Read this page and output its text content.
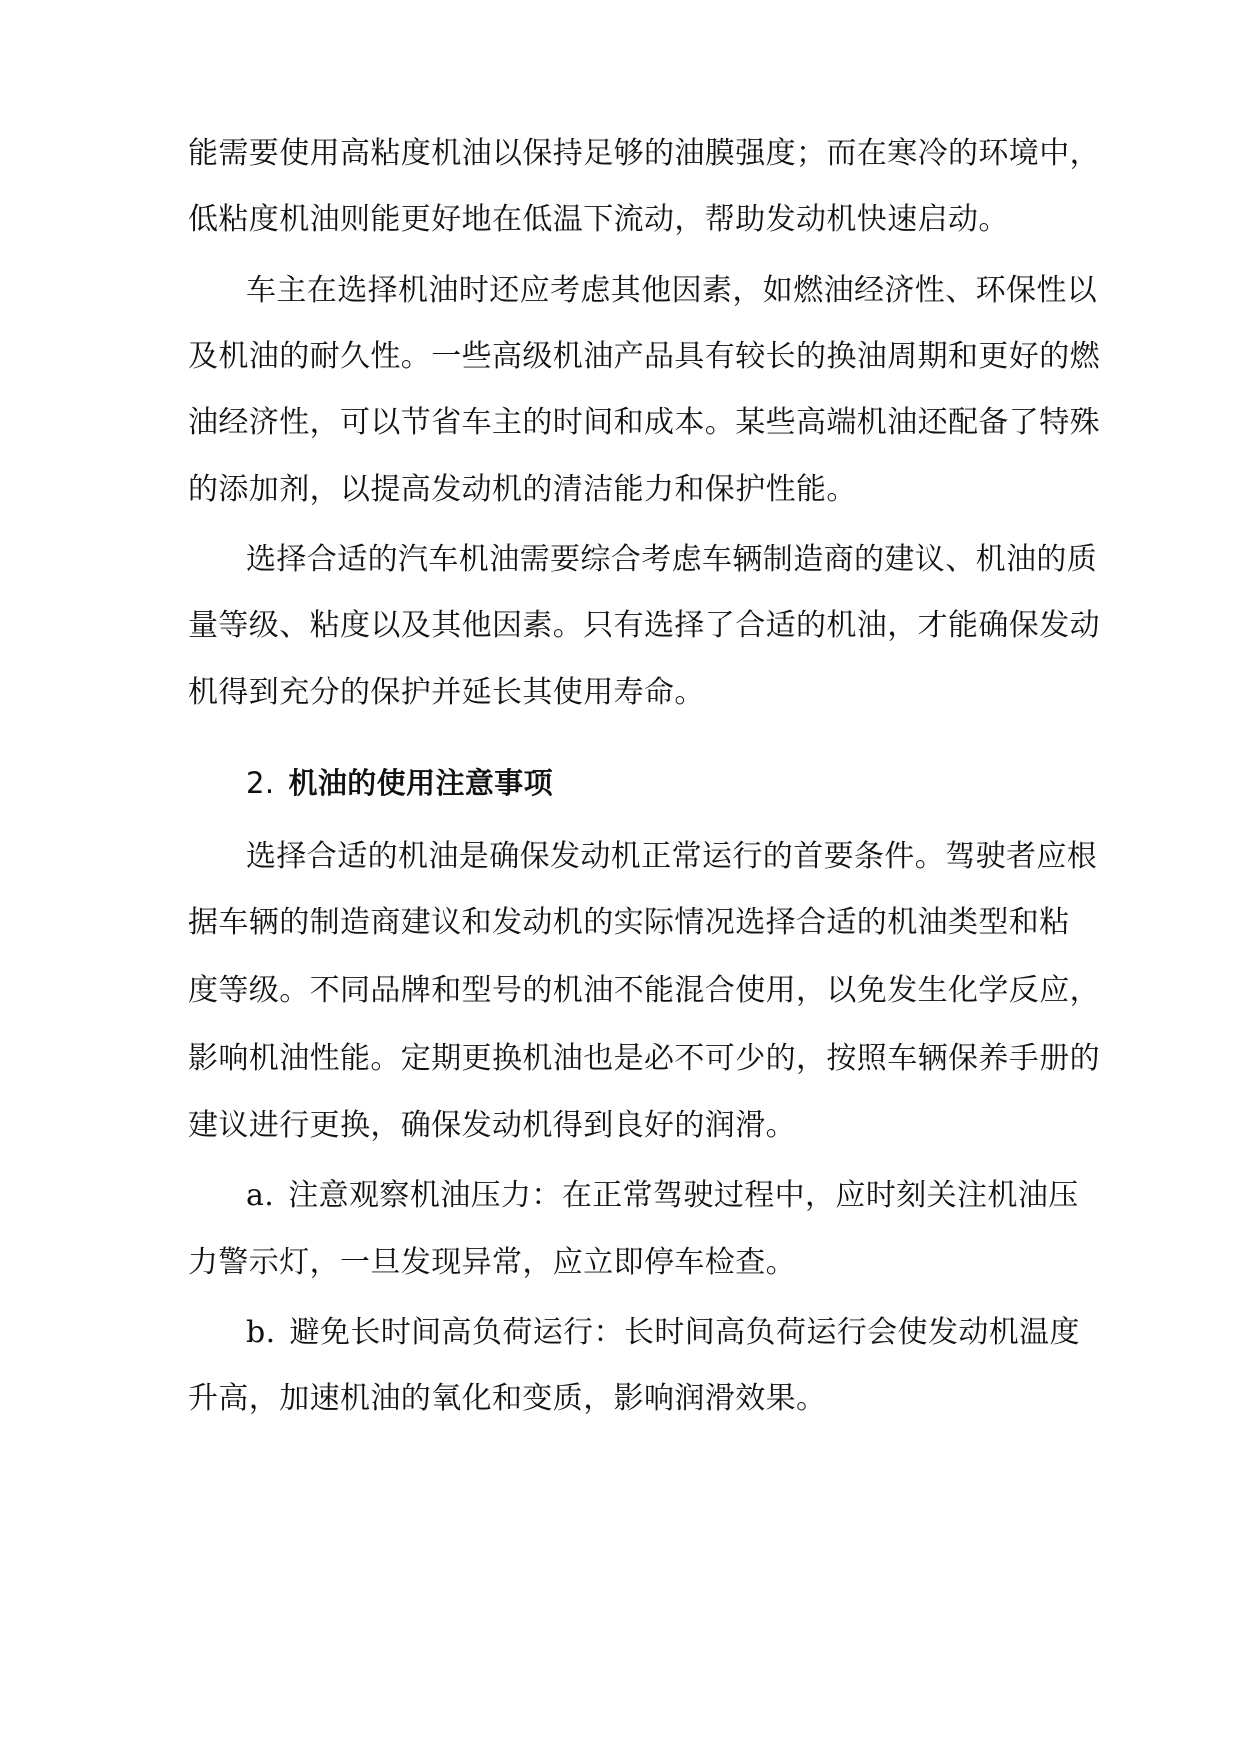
能需要使用高粘度机油以保持足够的油膜强度；而在寒冷的环境中，
低粘度机油则能更好地在低温下流动，帮助发动机快速启动。
车主在选择机油时还应考虑其他因素，如燃油经济性、环保性以
及机油的耐久性。一些高级机油产品具有较长的换油周期和更好的燃
油经济性，可以节省车主的时间和成本。某些高端机油还配备了特殊
的添加剂，以提高发动机的清洁能力和保护性能。
选择合适的汽车机油需要综合考虑车辆制造商的建议、机油的质
量等级、粘度以及其他因素。只有选择了合适的机油，才能确保发动
机得到充分的保护并延长其使用寿命。
2. 机油的使用注意事项
选择合适的机油是确保发动机正常运行的首要条件。驾驶者应根
据车辆的制造商建议和发动机的实际情况选择合适的机油类型和粘
度等级。不同品牌和型号的机油不能混合使用，以免发生化学反应，
影响机油性能。定期更换机油也是必不可少的，按照车辆保养手册的
建议进行更换，确保发动机得到良好的润滑。
a. 注意观察机油压力：在正常驾驶过程中，应时刻关注机油压
力警示灯，一旦发现异常，应立即停车检查。
b. 避免长时间高负荷运行：长时间高负荷运行会使发动机温度
升高，加速机油的氧化和变质，影响润滑效果。
